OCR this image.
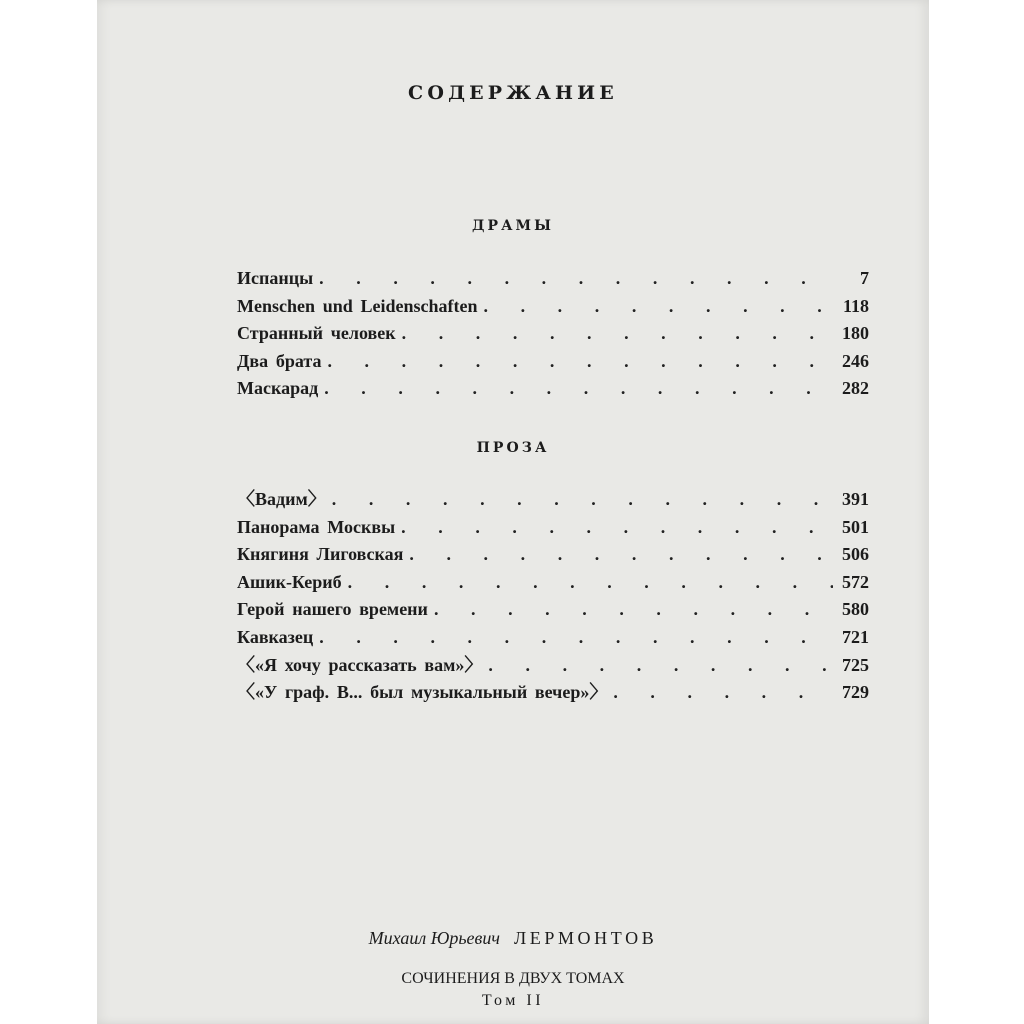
СОДЕРЖАНИЕ
ДРАМЫ
Испанцы . . .	7
Menschen und Leidenschaften . . .	118
Странный человек . . .	180
Два брата . . .	246
Маскарад . . .	282
ПРОЗА
〈Вадим〉 . . .	391
Панорама Москвы . . .	501
Княгиня Лиговская . . .	506
Ашик-Кериб . . .	572
Герой нашего времени . . .	580
Кавказец . . .	721
〈«Я хочу рассказать вам»〉 . . .	725
〈«У граф. В... был музыкальный вечер»〉 . . .	729
Михаил Юрьевич ЛЕРМОНТОВ
СОЧИНЕНИЯ В ДВУХ ТОМАХ
Том II
